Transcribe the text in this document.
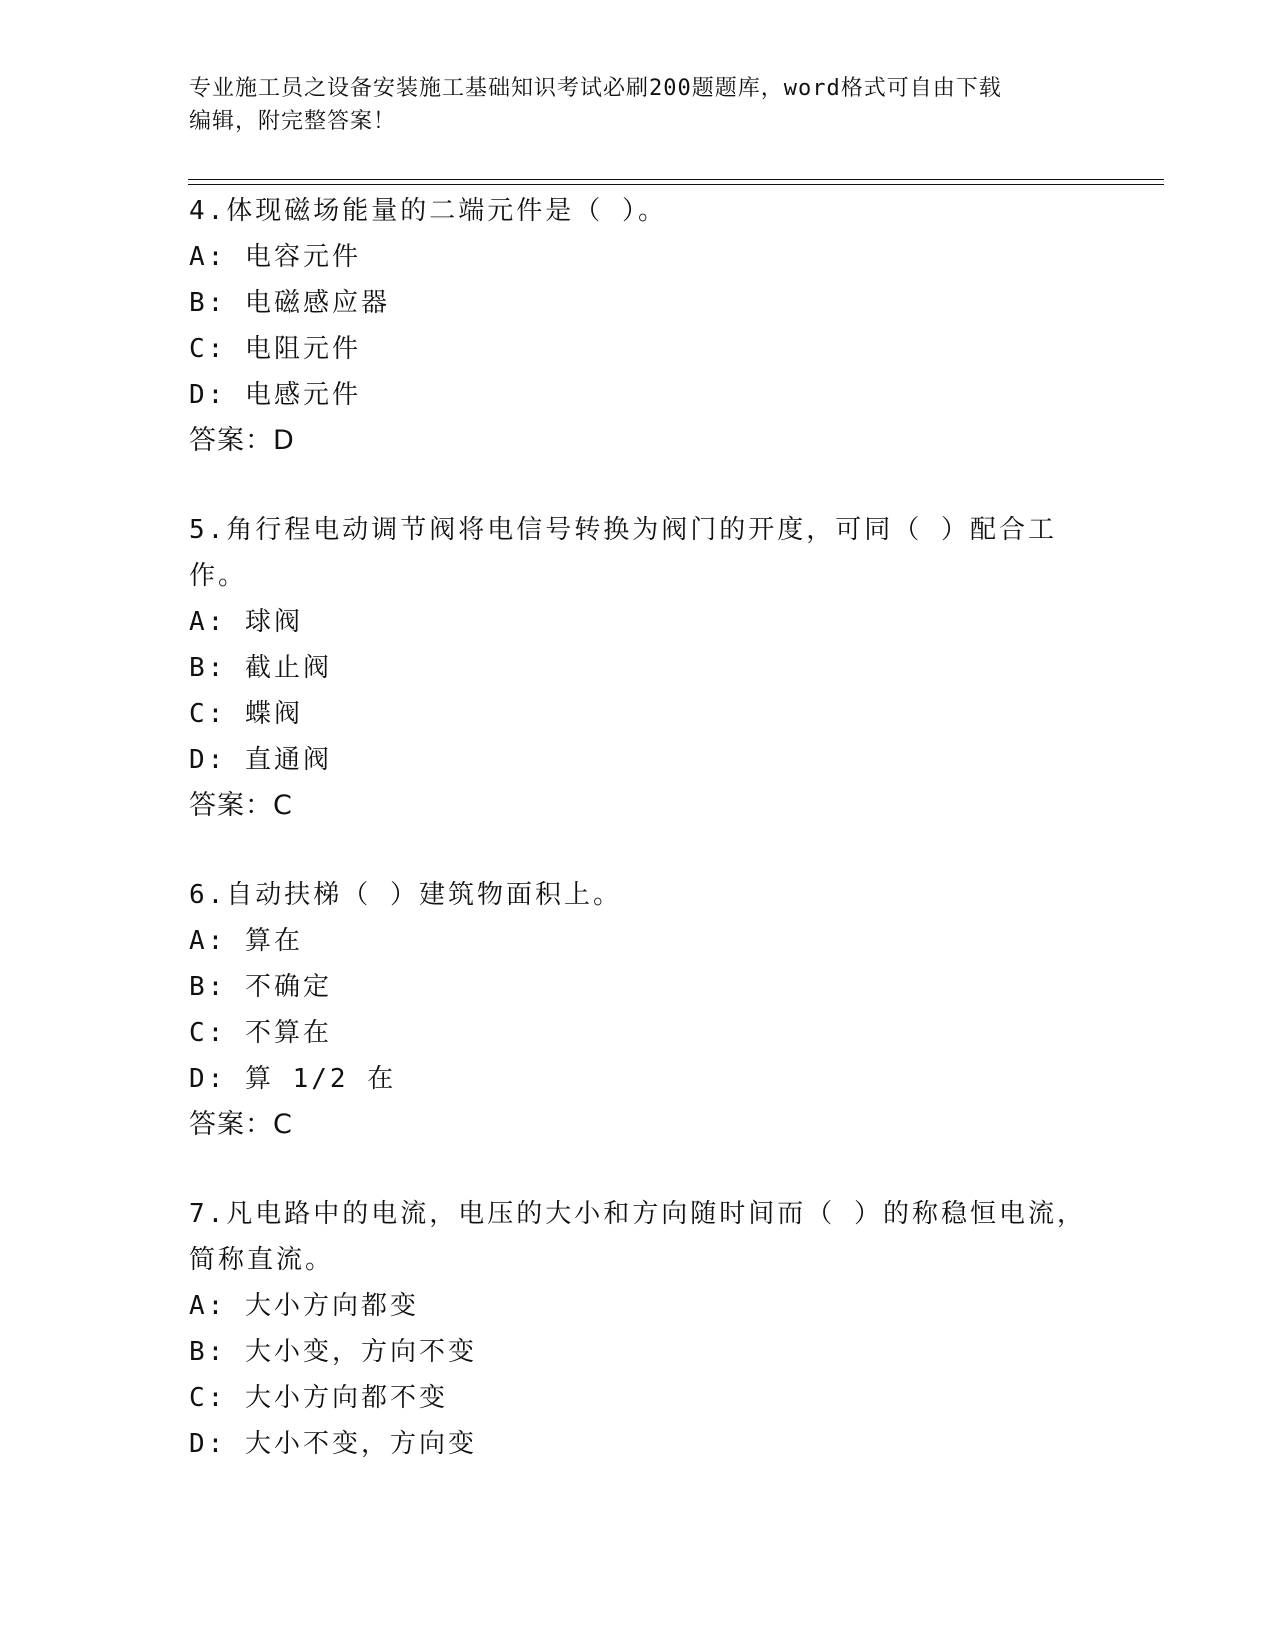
专业施工员之设备安装施工基础知识考试必刷200题题库，word格式可自由下载
编辑，附完整答案！
4.体现磁场能量的二端元件是（ ）。
A: 电容元件
B: 电磁感应器
C: 电阻元件
D: 电感元件
答案：D
5.角行程电动调节阀将电信号转换为阀门的开度，可同（ ）配合工作。
A: 球阀
B: 截止阀
C: 蝶阀
D: 直通阀
答案：C
6.自动扶梯（ ）建筑物面积上。
A: 算在
B: 不确定
C: 不算在
D: 算 1/2 在
答案：C
7.凡电路中的电流，电压的大小和方向随时间而（ ）的称稳恒电流，简称直流。
A: 大小方向都变
B: 大小变，方向不变
C: 大小方向都不变
D: 大小不变，方向变
